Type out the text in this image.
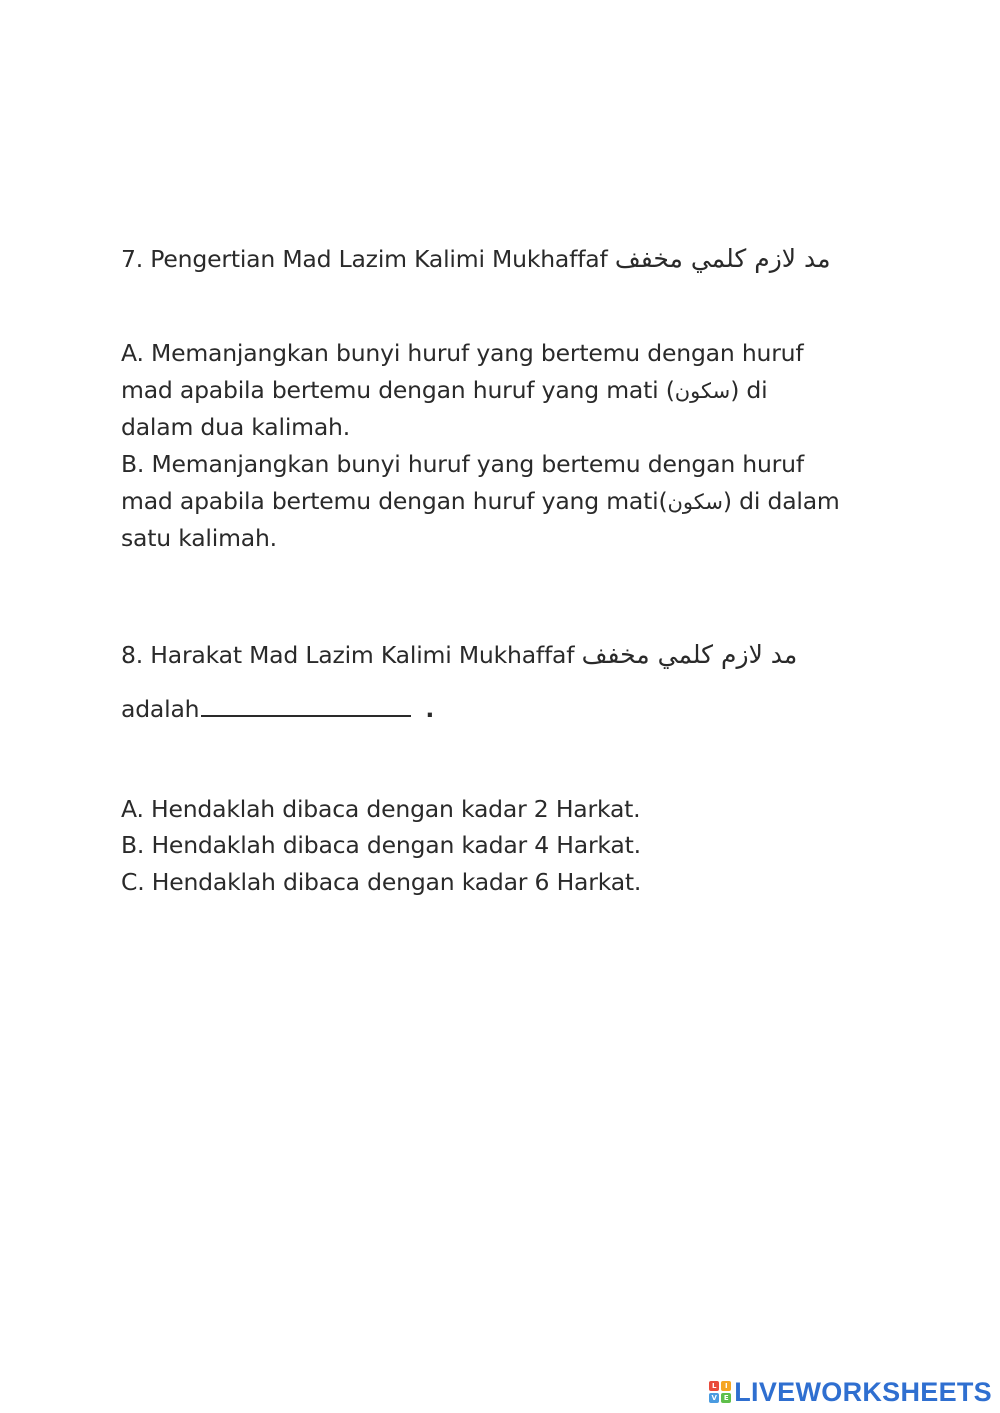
7. Pengertian Mad Lazim Kalimi Mukhaffaf مد لازم كلمي مخفف
A. Memanjangkan bunyi huruf yang bertemu dengan huruf
mad apabila bertemu dengan huruf yang mati (سكون) di
dalam dua kalimah.
B. Memanjangkan bunyi huruf yang bertemu dengan huruf
mad apabila bertemu dengan huruf yang mati(سكون) di dalam
satu kalimah.
8. Harakat Mad Lazim Kalimi Mukhaffaf مد لازم كلمي مخفف
adalah	.
A. Hendaklah dibaca dengan kadar 2 Harkat.
B. Hendaklah dibaca dengan kadar 4 Harkat.
C. Hendaklah dibaca dengan kadar 6 Harkat.
L	I
V E LIVEWORKSHEETS
